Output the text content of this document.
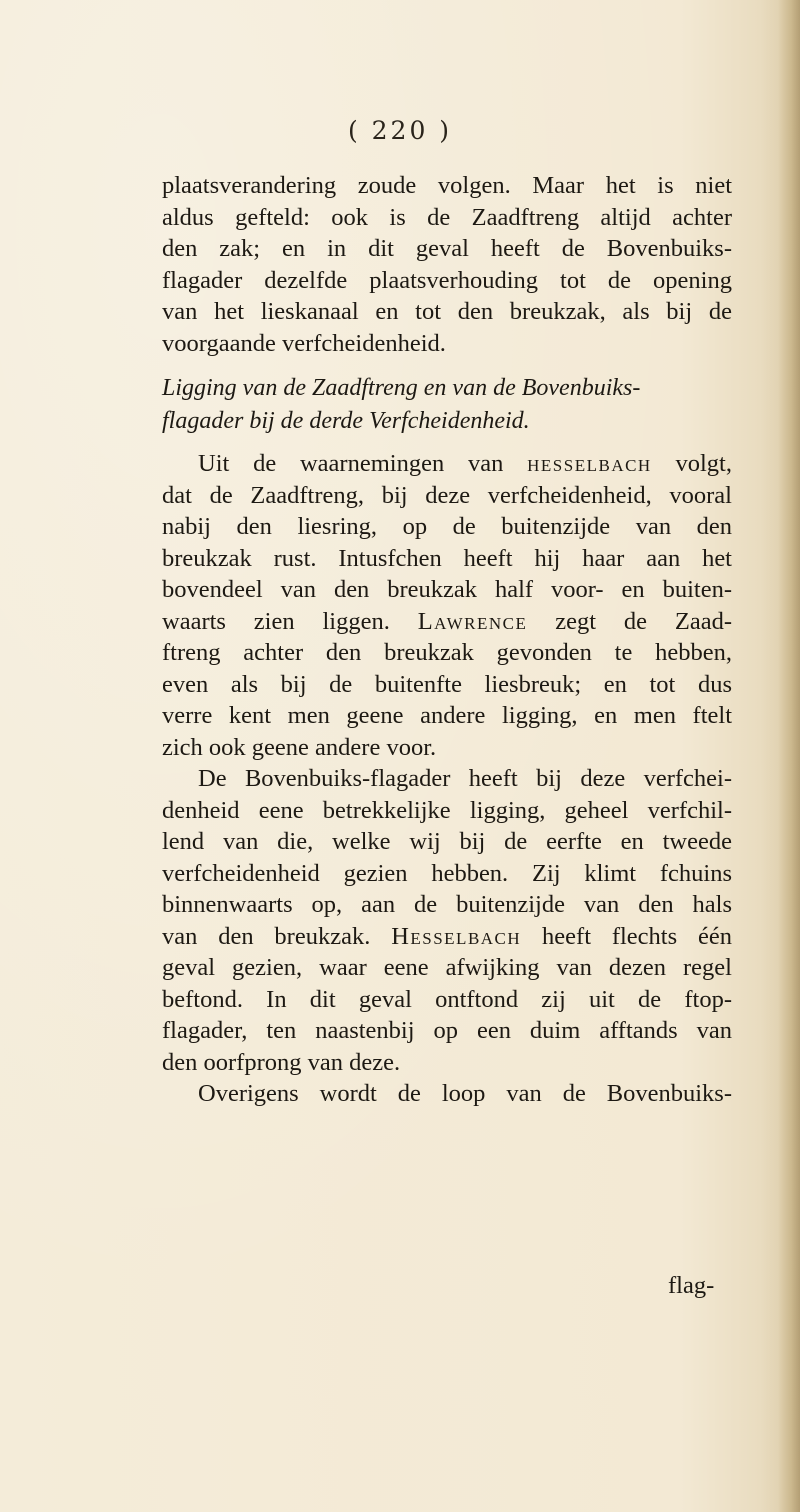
( 220 )
plaatsverandering zoude volgen. Maar het is niet
aldus gefteld: ook is de Zaadftreng altijd achter
den zak; en in dit geval heeft de Bovenbuiks-
flagader dezelfde plaatsverhouding tot de opening
van het lieskanaal en tot den breukzak, als bij de
voorgaande verfcheidenheid.
Ligging van de Zaadftreng en van de Bovenbuiks-
flagader bij de derde Verfcheidenheid.
Uit de waarnemingen van hesselbach volgt,
dat de Zaadftreng, bij deze verfcheidenheid, vooral
nabij den liesring, op de buitenzijde van den
breukzak rust. Intusfchen heeft hij haar aan het
bovendeel van den breukzak half voor- en buiten-
waarts zien liggen. Lawrence zegt de Zaad-
ftreng achter den breukzak gevonden te hebben,
even als bij de buitenfte liesbreuk; en tot dus
verre kent men geene andere ligging, en men ftelt
zich ook geene andere voor.
De Bovenbuiks-flagader heeft bij deze verfchei-
denheid eene betrekkelijke ligging, geheel verfchil-
lend van die, welke wij bij de eerfte en tweede
verfcheidenheid gezien hebben. Zij klimt fchuins
binnenwaarts op, aan de buitenzijde van den hals
van den breukzak. Hesselbach heeft flechts één
geval gezien, waar eene afwijking van dezen regel
beftond. In dit geval ontftond zij uit de ftop-
flagader, ten naastenbij op een duim afftands van
den oorfprong van deze.
Overigens wordt de loop van de Bovenbuiks-
flag-
